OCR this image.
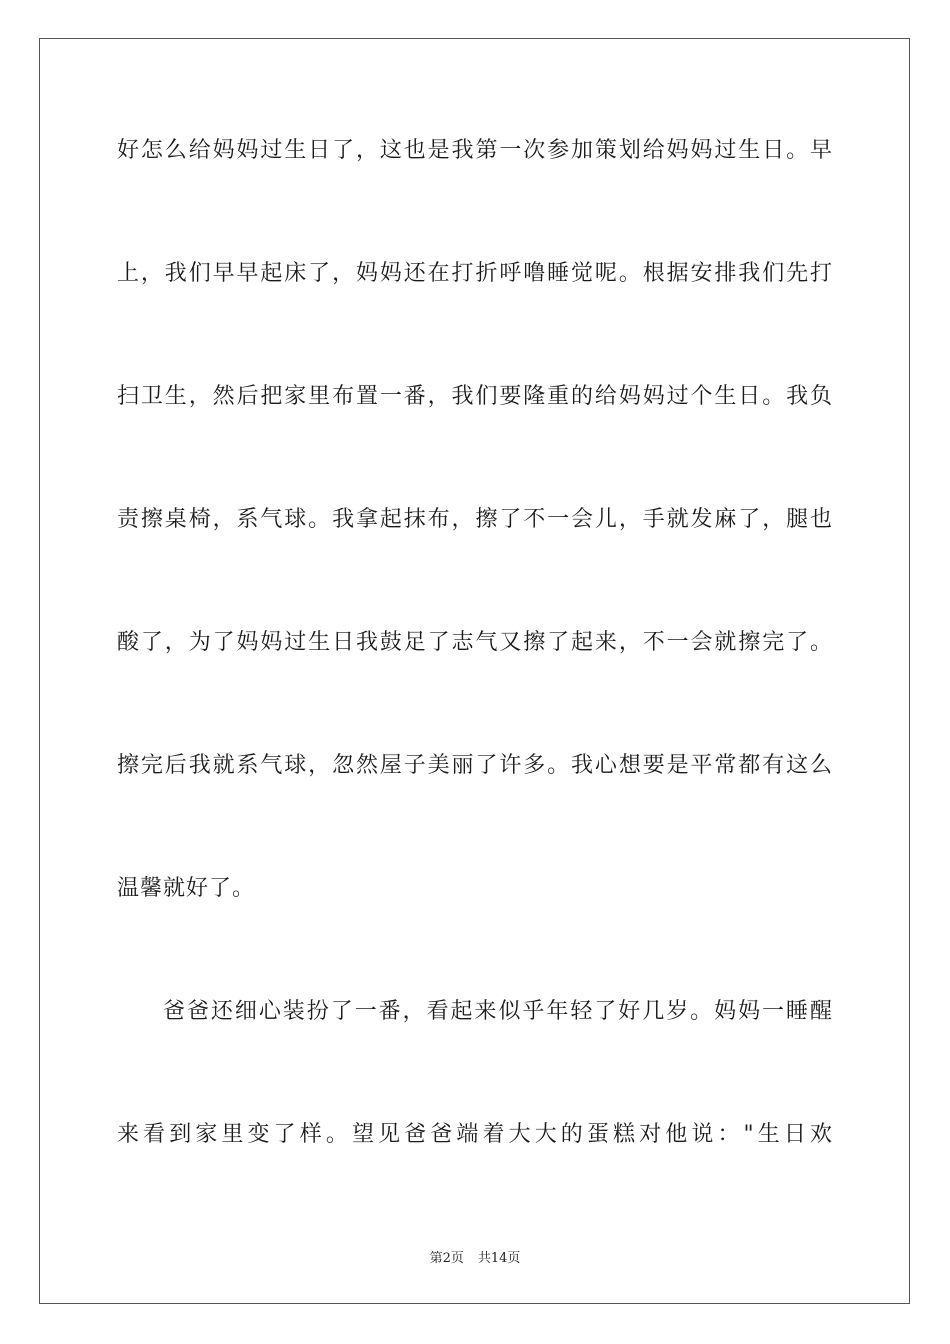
好怎么给妈妈过生日了，这也是我第一次参加策划给妈妈过生日。早
上，我们早早起床了，妈妈还在打折呼噜睡觉呢。根据安排我们先打
扫卫生，然后把家里布置一番，我们要隆重的给妈妈过个生日。我负
责擦桌椅，系气球。我拿起抹布，擦了不一会儿，手就发麻了，腿也
酸了，为了妈妈过生日我鼓足了志气又擦了起来，不一会就擦完了。
擦完后我就系气球，忽然屋子美丽了许多。我心想要是平常都有这么
温馨就好了。
爸爸还细心装扮了一番，看起来似乎年轻了好几岁。妈妈一睡醒
来看到家里变了样。望见爸爸端着大大的蛋糕对他说："生日欢
第2页 共14页
